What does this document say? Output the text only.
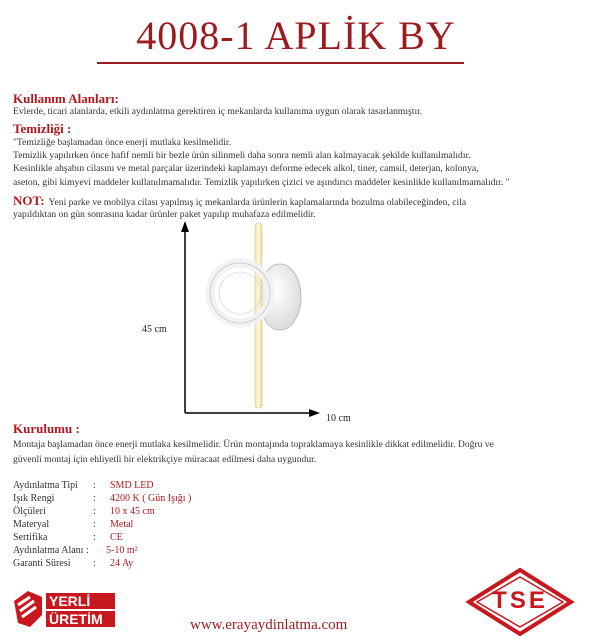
4008-1 APLİK BY
Kullanım Alanları:
Evlerde, ticari alanlarda, etkili aydınlatma gerektiren iç mekanlarda kullanıma uygun olarak tasarlanmıştır.
Temizliği :
"Temizliğe başlamadan önce enerji mutlaka kesilmelidir.
Temizlik yapılırken önce hafif nemli bir bezle ürün silinmeli daha sonra nemli alan kalmayacak şekilde kullanılmalıdır.
Kesinlikle ahşabın cilasını ve metal parçalar üzerindeki kaplamayı deforme edecek alkol, tiner, camsil, deterjan, kolonya,
aseton, gibi kimyevi maddeler kullanılmamalıdır. Temizlik yapılırken çizici ve aşındırıcı maddeler kesinlikle kullanılmamalıdır. "
NOT: Yeni parke ve mobilya cilası yapılmış iç mekanlarda ürünlerin kaplamalarında bozulma olabileceğinden, cila
yapıldıktan on gün sonrasına kadar ürünler paket yapılıp muhafaza edilmelidir.
45 cm
10 cm
Kurulumu :
Montaja başlamadan önce enerji mutlaka kesilmelidir. Ürün montajında topraklamaya kesinlikle dikkat edilmelidir. Doğru ve
güvenli montaj için ehliyetli bir elektrikçiye müracaat edilmesi daha uygundur.
Aydınlatma Tipi : SMD LED
Işık Rengi	: 4200 K ( Gün Işığı )
Ölçüleri	: 10 x 45 cm
Materyal	: Metal
Sertifika	: CE
Aydınlatma Alanı : 5-10 m²
Garanti Süresi : 24 Ay
YERLİ
ÜRETİM	www.erayaydinlatma.com
TSE
